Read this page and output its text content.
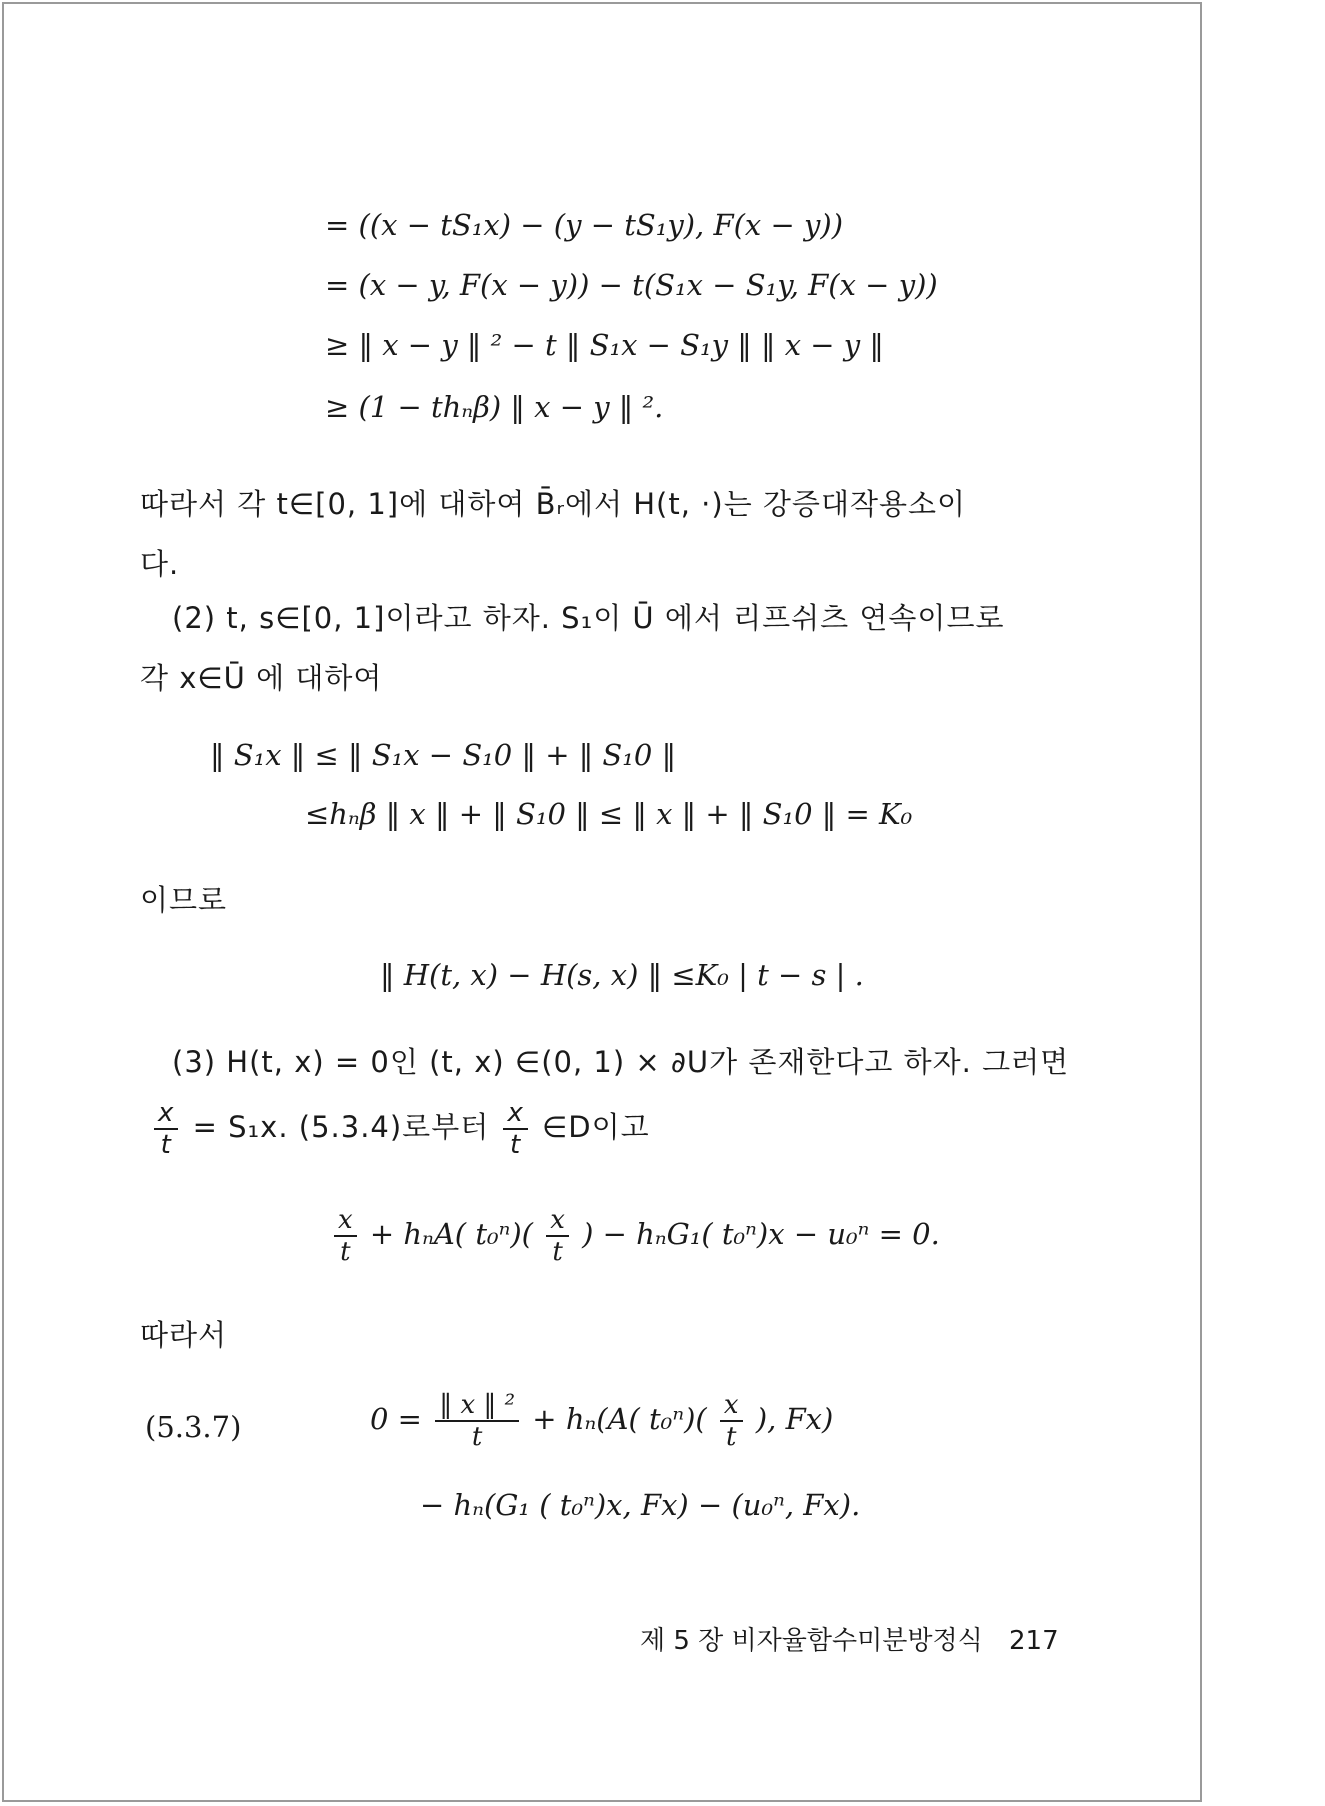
= ((x − tS₁x) − (y − tS₁y), F(x − y))
= (x − y, F(x − y)) − t(S₁x − S₁y, F(x − y))
≥ ‖ x − y ‖ ² − t ‖ S₁x − S₁y ‖ ‖ x − y ‖
≥ (1 − thₙβ) ‖ x − y ‖ ².
따라서 각 t∈[0, 1]에 대하여 B̄ᵣ에서 H(t, ·)는 강증대작용소이
다.
(2) t, s∈[0, 1]이라고 하자. S₁이 Ū 에서 리프쉬츠 연속이므로
각 x∈Ū 에 대하여
‖ S₁x ‖ ≤ ‖ S₁x − S₁0 ‖ + ‖ S₁0 ‖
≤hₙβ ‖ x ‖ + ‖ S₁0 ‖ ≤ ‖ x ‖ + ‖ S₁0 ‖ = K₀
이므로
‖ H(t, x) − H(s, x) ‖ ≤K₀ | t − s | .
(3) H(t, x) = 0인 (t, x) ∈(0, 1) × ∂U가 존재한다고 하자. 그러면
$\frac{x}{t} = S_1x$. (5.3.4)로부터 $\frac{x}{t}$ ∈D이고
$\frac{x}{t} + h_nA$( $t_0^n)( \frac{x}{t}$ ) − hₙG₁( t₀ⁿ)x − u₀ⁿ = 0.
따라서
(5.3.7)	$0 = \frac{\text{‖ x ‖ ²}}{t} + h_n(A$( $t_0^n)( \frac{x}{t}$ ), Fx)
− hₙ(G₁ ( t₀ⁿ)x, Fx) − (u₀ⁿ, Fx).
제 5 장 비자율함수미분방정식 217
